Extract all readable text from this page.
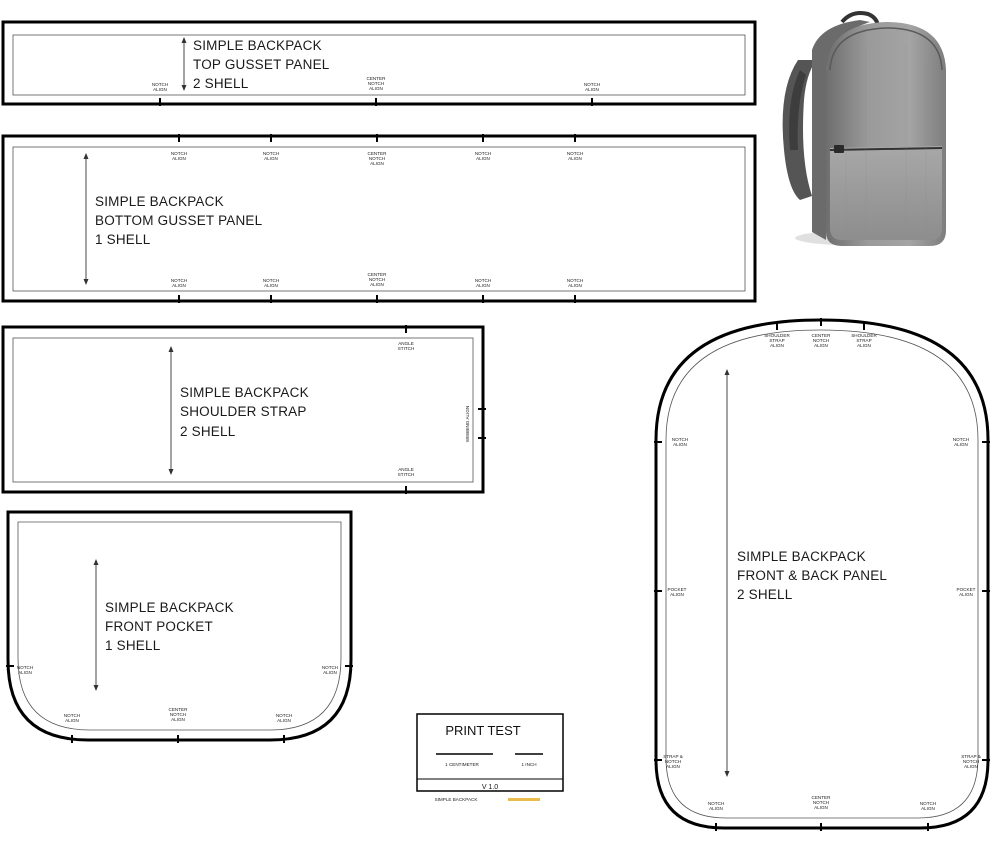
SIMPLE BACKPACK
TOP GUSSET PANEL
2 SHELL
NOTCH
ALIGN
CENTER
NOTCH
ALIGN
NOTCH
ALIGN
SIMPLE BACKPACK
BOTTOM GUSSET PANEL
1 SHELL
NOTCH
ALIGN
NOTCH
ALIGN
CENTER
NOTCH
ALIGN
NOTCH
ALIGN
NOTCH
ALIGN
NOTCH
ALIGN
NOTCH
ALIGN
CENTER
NOTCH
ALIGN
NOTCH
ALIGN
NOTCH
ALIGN
SIMPLE BACKPACK
SHOULDER STRAP
2 SHELL
ANGLE
STITCH
ANGLE
STITCH
WEBBING ALIGN
SIMPLE BACKPACK
FRONT POCKET
1 SHELL
NOTCH
ALIGN
NOTCH
ALIGN
NOTCH
ALIGN
CENTER
NOTCH
ALIGN
NOTCH
ALIGN
PRINT TEST
1 CENTIMETER	1 INCH
V 1.0
SIMPLE BACKPACK
SIMPLE BACKPACK
FRONT & BACK PANEL
2 SHELL
SHOULDER
STRAP
ALIGN
CENTER
NOTCH
ALIGN
SHOULDER
STRAP
ALIGN
NOTCH
ALIGN
NOTCH
ALIGN
POCKET
ALIGN
POCKET
ALIGN
STRAP &
NOTCH
ALIGN
STRAP &
NOTCH
ALIGN
NOTCH
ALIGN
CENTER
NOTCH
ALIGN
NOTCH
ALIGN
